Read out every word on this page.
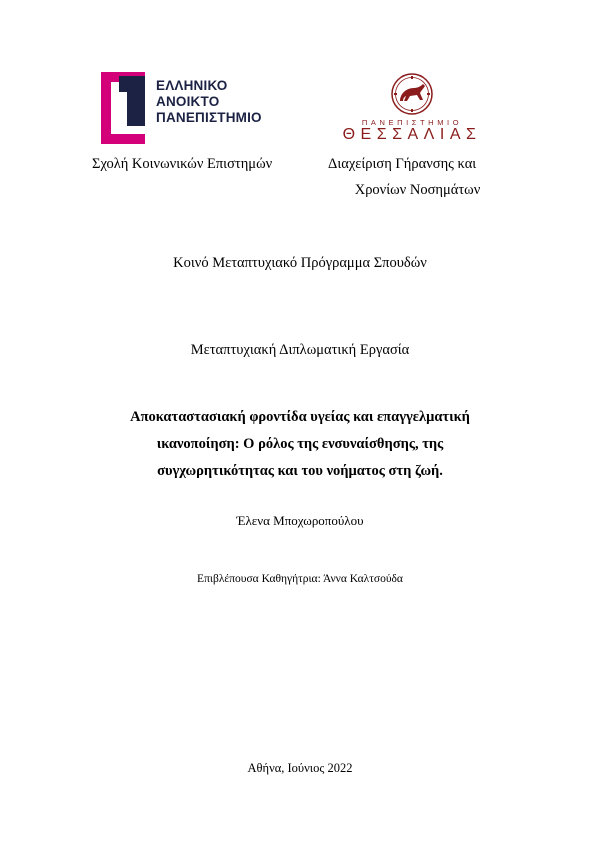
ΕΛΛΗΝΙΚΟ
ΑΝΟΙΚΤΟ
ΠΑΝΕΠΙΣΤΗΜΙΟ	ΠΑΝΕΠΙΣΤΗΜΙΟ
ΘΕΣΣΑΛΙΑΣ
Σχολή Κοινωνικών Επιστημών	Διαχείριση Γήρανσης και
Χρονίων Νοσημάτων
Κοινό Μεταπτυχιακό Πρόγραμμα Σπουδών
Μεταπτυχιακή Διπλωματική Εργασία
Αποκαταστασιακή φροντίδα υγείας και επαγγελματική ικανοποίηση: Ο ρόλος της ενσυναίσθησης, της συγχωρητικότητας και του νοήματος στη ζωή.
Έλενα Μποχωροπούλου
Επιβλέπουσα Καθηγήτρια: Άννα Καλτσούδα
Αθήνα, Ιούνιος 2022
